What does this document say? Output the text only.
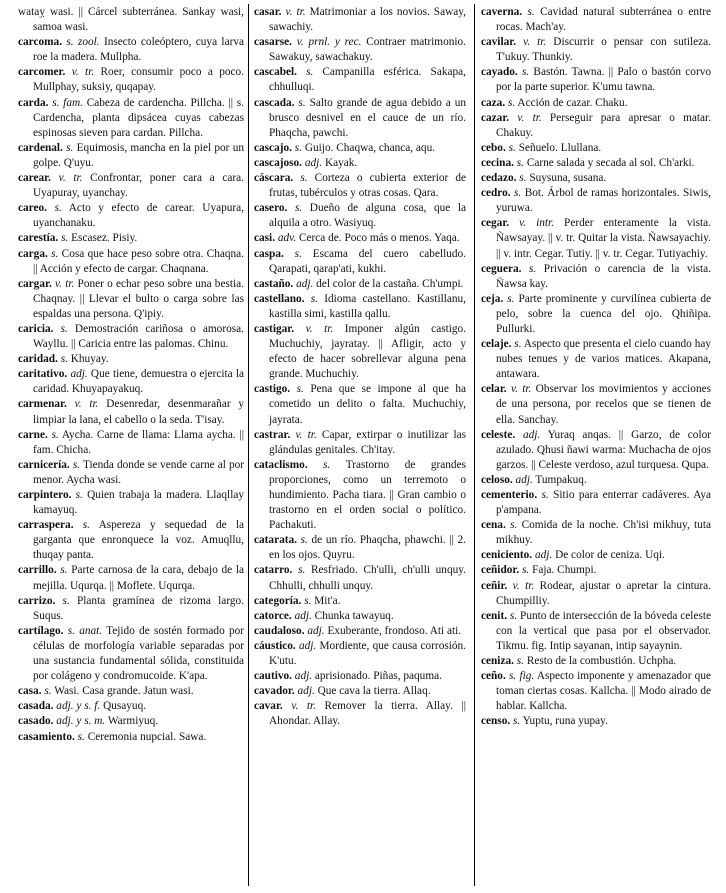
wataỵ wasi. || Cárcel subterránea. Sankay wasi, samoa wasi.

carcoma. s. zool. Insecto coleóptero, cuya larva roe la madera. Mullpha.

carcomer. v. tr. Roer, consumir poco a poco. Mullphay, suksiy, quqapay.

carda. s. fam. Cabeza de cardencha. Pillcha. || s. Cardencha, planta dipsácea cuyas cabezas espinosas sieven para cardan. Pillcha.

cardenal. s. Equimosis, mancha en la piel por un golpe. Q'uyu.

carear. v. tr. Confrontar, poner cara a cara. Uyapuray, uyanchay.

careo. s. Acto y efecto de carear. Uyapura, uyanchanaku.

carestía. s. Escasez. Pisiy.

carga. s. Cosa que hace peso sobre otra. Chaqna. || Acción y efecto de cargar. Chaqnana.

cargar. v. tr. Poner o echar peso sobre una bestia. Chaqnay. || Llevar el bulto o carga sobre las espaldas una persona. Q'ipiy.

caricia. s. Demostración cariñosa o amorosa. Wayllu. || Caricia entre las palomas. Chinu.

caridad. s. Khuyay.

caritativo. adj. Que tiene, demuestra o ejercita la caridad. Khuyapayakuq.

carmenar. v. tr. Desenredar, desenmarañar y limpiar la lana, el cabello o la seda. T'isay.

carne. s. Aycha. Carne de llama: Llama aycha. || fam. Chicha.

carnicería. s. Tienda donde se vende carne al por menor. Aycha wasi.

carpintero. s. Quien trabaja la madera. Llaqllay kamayuq.

carraspera. s. Aspereza y sequedad de la garganta que enronquece la voz. Amuqllu, thuqay panta.

carrillo. s. Parte carnosa de la cara, debajo de la mejilla. Uqurqa. || Moflete. Uqurqa.

carrizo. s. Planta gramínea de rizoma largo. Suqus.

cartílago. s. anat. Tejido de sostén formado por células de morfología variable separadas por una sustancia fundamental sólida, constituida por colágeno y condromucoide. K'apa.

casa. s. Wasi. Casa grande. Jatun wasi.

casada. adj. y s. f. Qusayuq.

casado. adj. y s. m. Warmiyuq.

casamiento. s. Ceremonia nupcial. Sawa.

casar. v. tr. Matrimoniar a los novios. Saway, sawachiy.

casarse. v. prnl. y rec. Contraer matrimonio. Sawakuy, sawachakuy.

cascabel. s. Campanilla esférica. Sakapa, chhulluqi.

cascada. s. Salto grande de agua debido a un brusco desnivel en el cauce de un río. Phaqcha, pawchi.

cascajo. s. Guijo. Chaqwa, chanca, aqu.

cascajoso. adj. Kayak.

cáscara. s. Corteza o cubierta exterior de frutas, tubérculos y otras cosas. Qara.

casero. s. Dueño de alguna cosa, que la alquila a otro. Wasiyuq.

casi. adv. Cerca de. Poco más o menos. Yaqa.

caspa. s. Escama del cuero cabelludo. Qarapati, qarap'ati, kukhi.

castaño. adj. del color de la castaña. Ch'umpi.

castellano. s. Idioma castellano. Kastillanu, kastilla simi, kastilla qallu.

castigar. v. tr. Imponer algún castigo. Muchuchiy, jayratay. || Afligir, acto y efecto de hacer sobrellevar alguna pena grande. Muchuchiy.

castigo. s. Pena que se impone al que ha cometido un delito o falta. Muchuchiy, jayrata.

castrar. v. tr. Capar, extirpar o inutilizar las glándulas genitales. Ch'itay.

cataclismo. s. Trastorno de grandes proporciones, como un terremoto o hundimiento. Pacha tiara. || Gran cambio o trastorno en el orden social o político. Pachakuti.

catarata. s. de un río. Phaqcha, phawchi. || 2. en los ojos. Quyru.

catarro. s. Resfriado. Ch'ulli, ch'ulli unquy. Chhulli, chhulli unquy.

categoría. s. Mit'a.

catorce. adj. Chunka tawayuq.

caudaloso. adj. Exuberante, frondoso. Ati ati.

cáustico. adj. Mordiente, que causa corrosión. K'utu.

cautivo. adj. aprisionado. Piñas, paquma.

cavador. adj. Que cava la tierra. Allaq.

cavar. v. tr. Remover la tierra. Allay. || Ahondar. Allay.

caverna. s. Cavidad natural subterránea o entre rocas. Mach'ay.

cavilar. v. tr. Discurrir o pensar con sutileza. T'ukuy. Thunkiy.

cayado. s. Bastón. Tawna. || Palo o bastón corvo por la parte superior. K'umu tawna.

caza. s. Acción de cazar. Chaku.

cazar. v. tr. Perseguir para apresar o matar. Chakuy.

cebo. s. Señuelo. Llullana.

cecina. s. Carne salada y secada al sol. Ch'arki.

cedazo. s. Suysuna, susana.

cedro. s. Bot. Árbol de ramas horizontales. Siwis, yuruwa.

cegar. v. intr. Perder enteramente la vista. Ñawsayay. || v. tr. Quitar la vista. Ñawsayachiy. || v. intr. Cegar. Tutiy. || v. tr. Cegar. Tutiyachiy.

ceguera. s. Privación o carencia de la vista. Ñawsa kay.

ceja. s. Parte prominente y curvilínea cubierta de pelo, sobre la cuenca del ojo. Qhiñipa. Pullurki.

celaje. s. Aspecto que presenta el cielo cuando hay nubes tenues y de varios matices. Akapana, antawara.

celar. v. tr. Observar los movimientos y acciones de una persona, por recelos que se tienen de ella. Sanchay.

celeste. adj. Yuraq anqas. || Garzo, de color azulado. Qhusi ñawi warma: Muchacha de ojos garzos. || Celeste verdoso, azul turquesa. Qupa.

celoso. adj. Tumpakuq.

cementerio. s. Sitio para enterrar cadáveres. Aya p'ampana.

cena. s. Comida de la noche. Ch'isi mikhuy, tuta mikhuy.

ceniciento. adj. De color de ceniza. Uqi.

ceñidor. s. Faja. Chumpi.

ceñir. v. tr. Rodear, ajustar o apretar la cintura. Chumpilliy.

cenit. s. Punto de intersección de la bóveda celeste con la vertical que pasa por el observador. Tikmu. fig. Intip sayanan, intip sayaynin.

ceniza. s. Resto de la combustión. Uchpha.

ceño. s. fig. Aspecto imponente y amenazador que toman ciertas cosas. Kallcha. || Modo airado de hablar. Kallcha.

censo. s. Yuptu, runa yupay.
